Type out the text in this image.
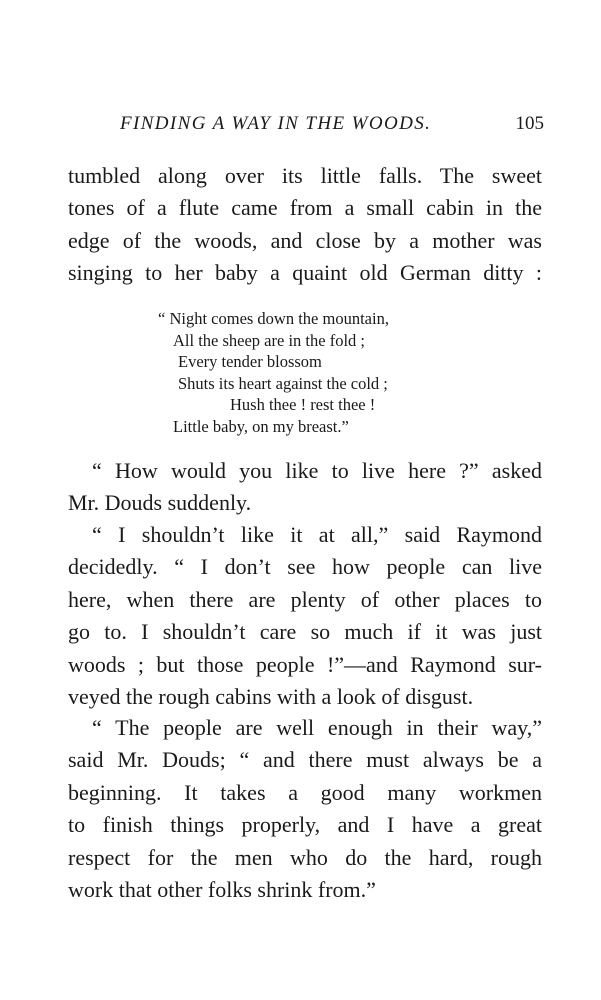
FINDING A WAY IN THE WOODS.	105
tumbled along over its little falls. The sweet
tones of a flute came from a small cabin in the
edge of the woods, and close by a mother was
singing to her baby a quaint old German ditty :
“ Night comes down the mountain,
All the sheep are in the fold ;
Every tender blossom
Shuts its heart against the cold ;
Hush thee ! rest thee !
Little baby, on my breast.”
“ How would you like to live here ?” asked
Mr. Douds suddenly.
“ I shouldn’t like it at all,” said Raymond
decidedly. “ I don’t see how people can live
here, when there are plenty of other places to
go to. I shouldn’t care so much if it was just
woods ; but those people !”—and Raymond sur-
veyed the rough cabins with a look of disgust.
“ The people are well enough in their way,”
said Mr. Douds; “ and there must always be a
beginning. It takes a good many workmen
to finish things properly, and I have a great
respect for the men who do the hard, rough
work that other folks shrink from.”
